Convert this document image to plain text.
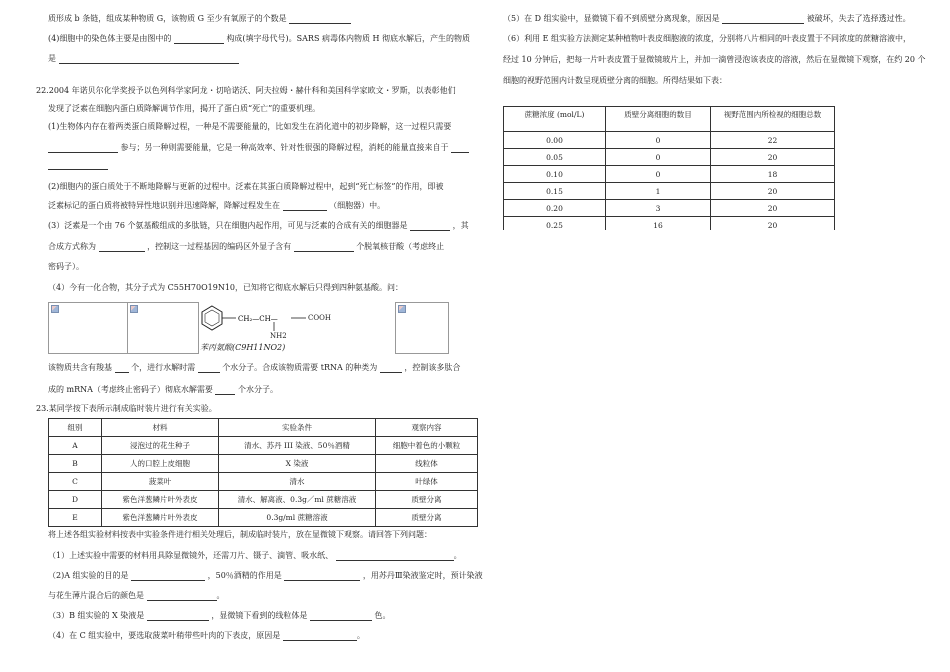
质形成 b 条链，组成某种物质 G，该物质 G 至少有氧原子的个数是
(4)细胞中的染色体主要是由图中的	构成(填字母代号)。SARS 病毒体内物质 H 彻底水解后，产生的物质
是
22.2004 年诺贝尔化学奖授予以色列科学家阿龙・切哈诺沃、阿夫拉姆・赫什科和美国科学家欧文・罗斯，以表彰他们
发现了泛素在细胞内蛋白质降解调节作用，揭开了蛋白质“死亡”的重要机理。
(1)生物体内存在着两类蛋白质降解过程，一种是不需要能量的，比如发生在消化道中的初步降解，这一过程只需要
参与；另一种则需要能量，它是一种高效率、针对性很强的降解过程，消耗的能量直接来自于
(2)细胞内的蛋白质处于不断地降解与更新的过程中。泛素在其蛋白质降解过程中，起到“死亡标签”的作用，即被
泛素标记的蛋白质将被特异性地识别并迅速降解，降解过程发生在	（细胞器）中。
(3）泛素是一个由 76 个氨基酸组成的多肽链，只在细胞内起作用，可见与泛素的合成有关的细胞器是	，其
合成方式称为	，控制这一过程基因的编码区外显子含有	个脱氧核苷酸（考虑终止
密码子）。
（4）今有一化合物，其分子式为 C55H70O19N10，已知将它彻底水解后只得到四种氨基酸。问：
CH₂—CH—	COOH
NH2
苯丙氨酸(C9H11NO2)
该物质共含有羧基 个，进行水解时需	个水分子。合成该物质需要 tRNA 的种类为	，控制该多肽合
成的 mRNA（考虑终止密码子）彻底水解需要	个水分子。
23.某同学按下表所示制成临时装片进行有关实验。
组别	材料	实验条件	观察内容
A	浸泡过的花生种子	清水、苏丹 III 染液、50％酒精	细胞中着色的小颗粒
B	人的口腔上皮细胞	X 染液	线粒体
C	菠菜叶	清水	叶绿体
D	紫色洋葱鳞片叶外表皮	清水、解离液、0.3g／ml 蔗糖溶液	质壁分离
E	紫色洋葱鳞片叶外表皮	0.3g/ml 蔗糖溶液	质壁分离
将上述各组实验材料按表中实验条件进行相关处理后，制成临时装片，放在显微镜下观察。请回答下列问题：
（1）上述实验中需要的材料用具除显微镜外，还需刀片、镊子、滴管、吸水纸、	。
（2)A 组实验的目的是	，50％酒精的作用是	，用苏丹Ⅲ染液鉴定时，预计染液
与花生薄片混合后的颜色是	。
（3）B 组实验的 X 染液是	，显微镜下看到的线粒体是	色。
（4）在 C 组实验中，要选取菠菜叶稍带些叶肉的下表皮，原因是	。
（5）在 D 组实验中，显微镜下看不到质壁分离现象，原因是	被破坏，失去了选择透过性。
（6）利用 E 组实验方法测定某种植物叶表皮细胞液的浓度，分别将八片相同的叶表皮置于不同浓度的蔗糖溶液中，
经过 10 分钟后，把每一片叶表皮置于显微镜玻片上，并加一滴曾浸泡该表皮的溶液，然后在显微镜下观察，在约 20 个
细胞的视野范围内计数呈现质壁分离的细胞。所得结果如下表：
蔗糖浓度 (mol/L)	质壁分离细胞的数目	视野范围内所检视的细胞总数
0.00	0	22
0.05	0	20
0.10	0	18
0.15	1	20
0.20	3	20
0.25	16	20
